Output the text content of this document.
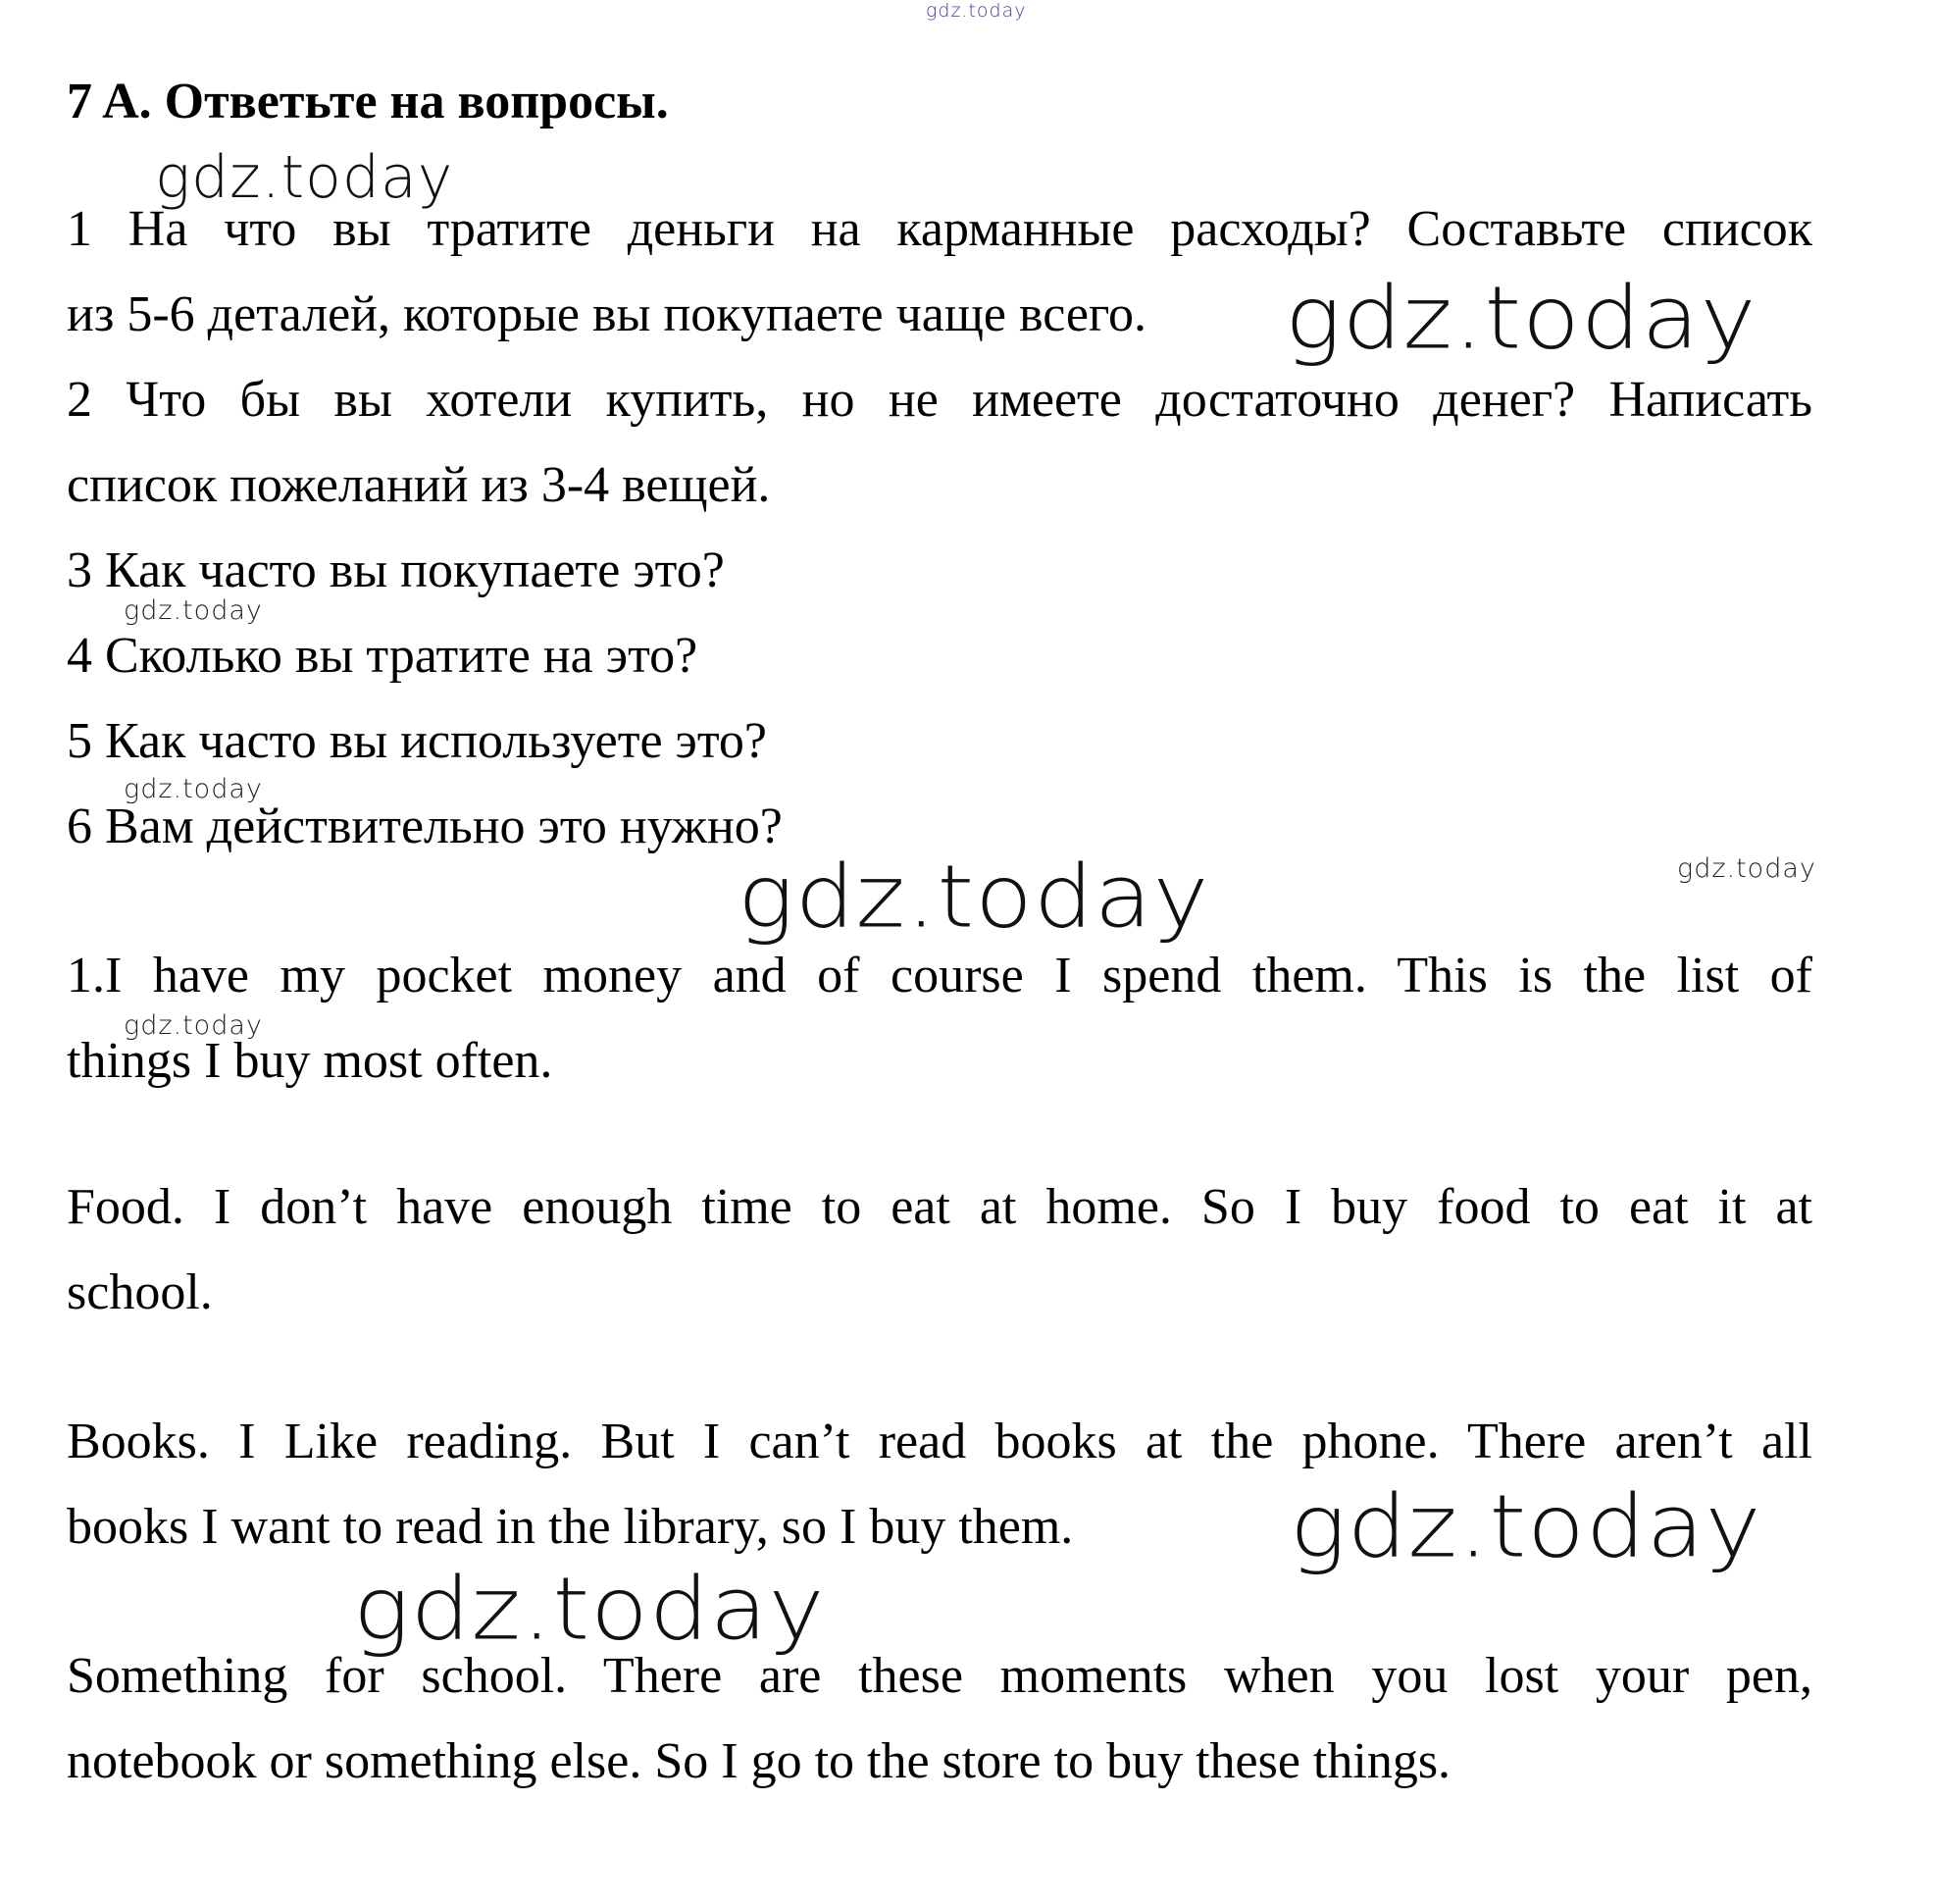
gdz.today
7 A. Ответьте на вопросы.
1 На что вы тратите деньги на карманные расходы? Составьте список
из 5-6 деталей, которые вы покупаете чаще всего.
2 Что бы вы хотели купить, но не имеете достаточно денег? Написать
список пожеланий из 3-4 вещей.
3 Как часто вы покупаете это?
4 Сколько вы тратите на это?
5 Как часто вы используете это?
6 Вам действительно это нужно?
1.I have my pocket money and of course I spend them. This is the list of
things I buy most often.
Food. I don’t have enough time to eat at home. So I buy food to eat it at
school.
Books. I Like reading. But I can’t read books at the phone. There aren’t all
books I want to read in the library, so I buy them.
Something for school. There are these moments when you lost your pen,
notebook or something else. So I go to the store to buy these things.
gdz.today
gdz.today
gdz.today
gdz.today
gdz.today
gdz.today
gdz.today
gdz.today
gdz.today
